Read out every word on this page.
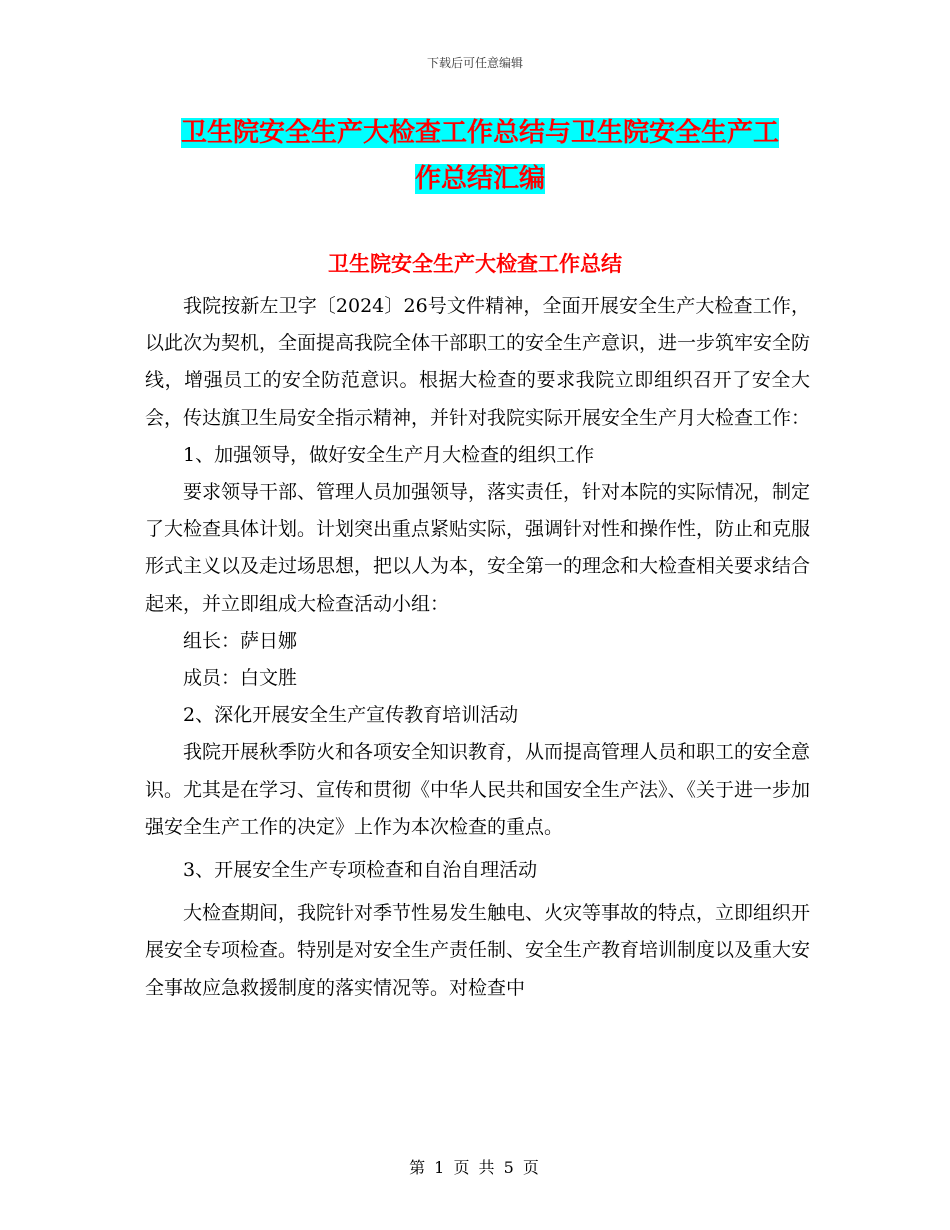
下载后可任意编辑
卫生院安全生产大检查工作总结与卫生院安全生产工
作总结汇编
卫生院安全生产大检查工作总结

我院按新左卫字〔2024〕26号文件精神，全面开展安全生产大检查工作，以此次为契机，全面提高我院全体干部职工的安全生产意识，进一步筑牢安全防线，增强员工的安全防范意识。根据大检查的要求我院立即组织召开了安全大会，传达旗卫生局安全指示精神，并针对我院实际开展安全生产月大检查工作：

1、加强领导，做好安全生产月大检查的组织工作

要求领导干部、管理人员加强领导，落实责任，针对本院的实际情况，制定了大检查具体计划。计划突出重点紧贴实际，强调针对性和操作性，防止和克服形式主义以及走过场思想，把以人为本，安全第一的理念和大检查相关要求结合起来，并立即组成大检查活动小组：

组长：萨日娜

成员：白文胜

2、深化开展安全生产宣传教育培训活动

我院开展秋季防火和各项安全知识教育，从而提高管理人员和职工的安全意识。尤其是在学习、宣传和贯彻《中华人民共和国安全生产法》、《关于进一步加强安全生产工作的决定》上作为本次检查的重点。

3、开展安全生产专项检查和自治自理活动

大检查期间，我院针对季节性易发生触电、火灾等事故的特点，立即组织开展安全专项检查。特别是对安全生产责任制、安全生产教育培训制度以及重大安全事故应急救援制度的落实情况等。对检查中

第 1 页 共 5 页
